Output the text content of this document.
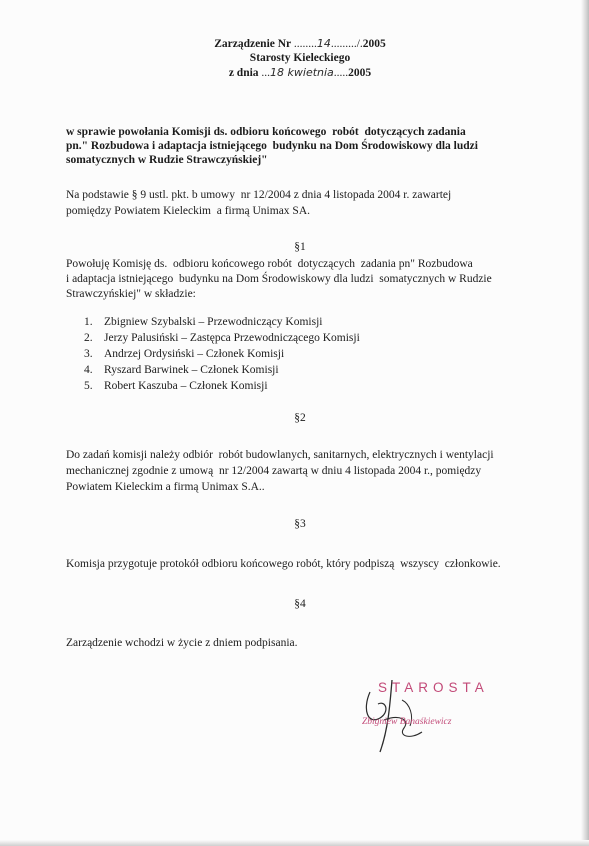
Zarządzenie Nr ........14........./.2005
Starosty Kieleckiego
z dnia ...18 kwietnia.....2005
w sprawie powołania Komisji ds. odbioru końcowego  robót  dotyczących zadania
pn." Rozbudowa i adaptacja istniejącego  budynku na Dom Środowiskowy dla ludzi
somatycznych w Rudzie Strawczyńskiej"
Na podstawie § 9 ustl. pkt. b umowy  nr 12/2004 z dnia 4 listopada 2004 r. zawartej
pomiędzy Powiatem Kieleckim  a firmą Unimax SA.
§1
Powołuję Komisję ds.  odbioru końcowego robót  dotyczących  zadania pn" Rozbudowa
i adaptacja istniejącego  budynku na Dom Środowiskowy dla ludzi  somatycznych w Rudzie
Strawczyńskiej" w składzie:
1. Zbigniew Szybalski – Przewodniczący Komisji
2. Jerzy Palusiński – Zastępca Przewodniczącego Komisji
3. Andrzej Ordysiński – Członek Komisji
4. Ryszard Barwinek – Członek Komisji
5. Robert Kaszuba – Członek Komisji
§2
Do zadań komisji należy odbiór  robót budowlanych, sanitarnych, elektrycznych i wentylacji
mechanicznej zgodnie z umową  nr 12/2004 zawartą w dniu 4 listopada 2004 r., pomiędzy
Powiatem Kieleckim a firmą Unimax S.A..
§3
Komisja przygotuje protokół odbioru końcowego robót, który podpiszą  wszyscy  członkowie.
§4
Zarządzenie wchodzi w życie z dniem podpisania.
STAROSTA
Zbigniew Banaśkiewicz
